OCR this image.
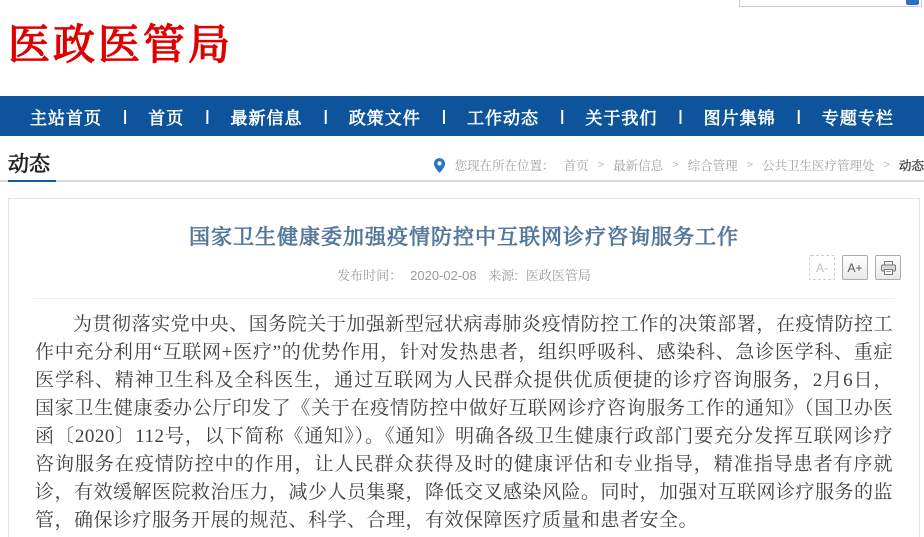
医政医管局
主站首页 | 首页 | 最新信息 | 政策文件 | 工作动态 | 关于我们 | 图片集锦 | 专题专栏
动态	您现在所在位置： 首页 > 最新信息 > 综合管理 > 公共卫生医疗管理处 > 动态
国家卫生健康委加强疫情防控中互联网诊疗咨询服务工作
发布时间： 2020-02-08 来源: 医政医管局
A-	A+

为贯彻落实党中央、国务院关于加强新型冠状病毒肺炎疫情防控工作的决策部署，在疫情防控工作中充分利用“互联网+医疗”的优势作用，针对发热患者，组织呼吸科、感染科、急诊医学科、重症医学科、精神卫生科及全科医生，通过互联网为人民群众提供优质便捷的诊疗咨询服务，2月6日，国家卫生健康委办公厅印发了《关于在疫情防控中做好互联网诊疗咨询服务工作的通知》（国卫办医函〔2020〕112号，以下简称《通知》）。《通知》明确各级卫生健康行政部门要充分发挥互联网诊疗咨询服务在疫情防控中的作用，让人民群众获得及时的健康评估和专业指导，精准指导患者有序就诊，有效缓解医院救治压力，减少人员集聚，降低交叉感染风险。同时，加强对互联网诊疗服务的监管，确保诊疗服务开展的规范、科学、合理，有效保障医疗质量和患者安全。
